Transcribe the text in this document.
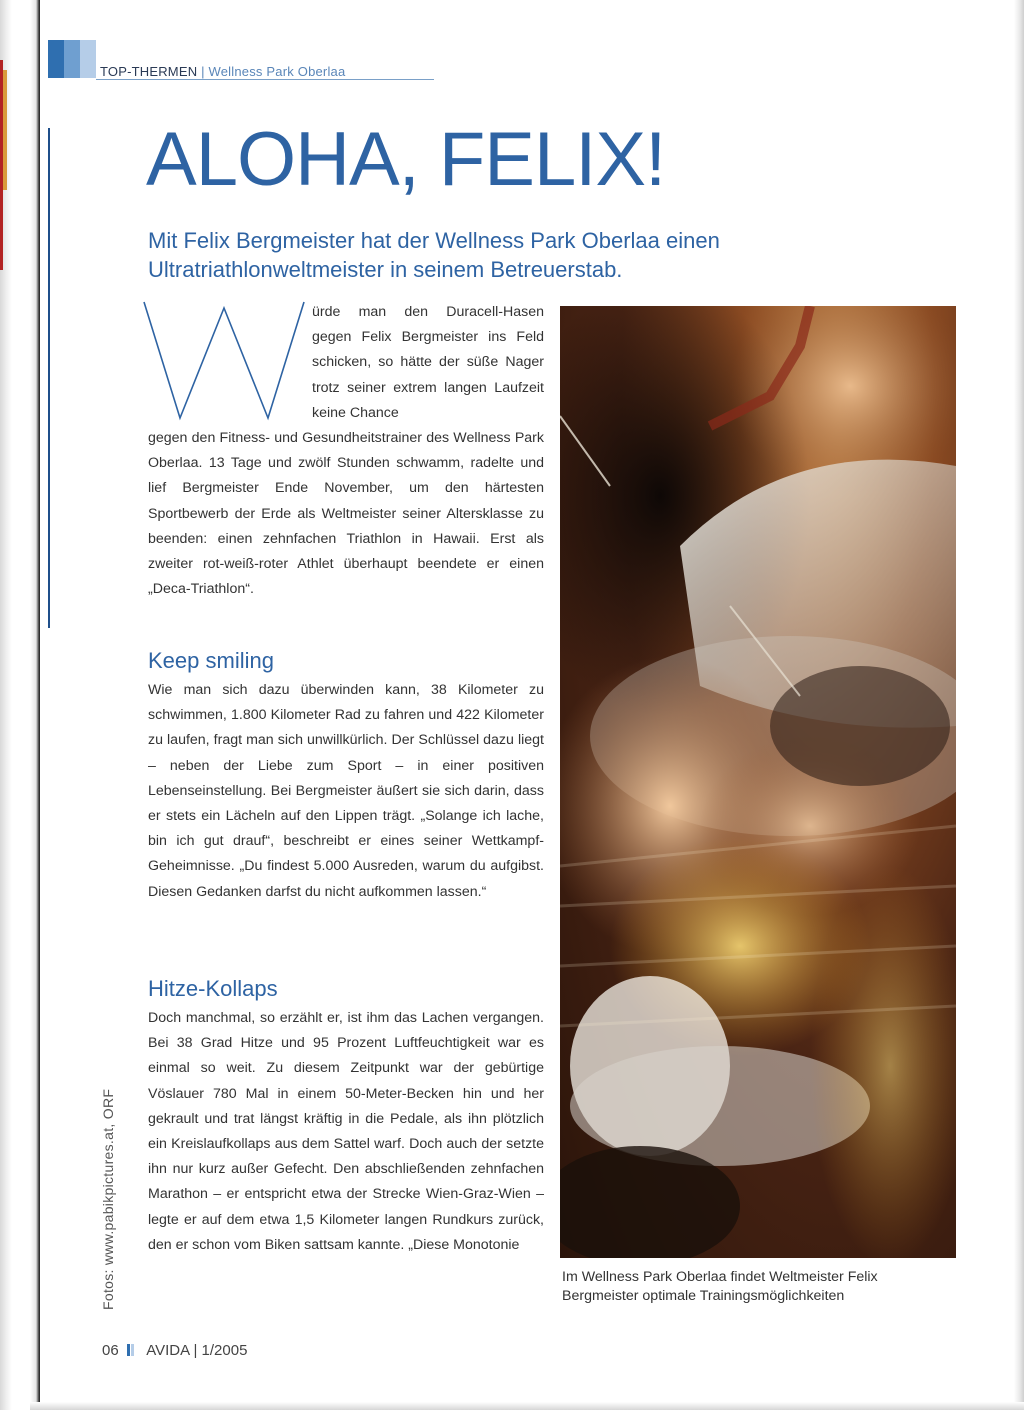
TOP-THERMEN | Wellness Park Oberlaa
ALOHA, FELIX!
Mit Felix Bergmeister hat der Wellness Park Oberlaa einen Ultratriathlonweltmeister in seinem Betreuerstab.
ürde man den Duracell-Hasen gegen Felix Bergmeister ins Feld schicken, so hätte der süße Nager trotz seiner extrem langen Laufzeit keine Chance
gegen den Fitness- und Gesundheitstrainer des Wellness Park Oberlaa. 13 Tage und zwölf Stunden schwamm, radelte und lief Bergmeister Ende November, um den härtesten Sportbewerb der Erde als Weltmeister seiner Altersklasse zu beenden: einen zehnfachen Triathlon in Hawaii. Erst als zweiter rot-weiß-roter Athlet überhaupt beendete er einen „Deca-Triathlon“.
Keep smiling
Wie man sich dazu überwinden kann, 38 Kilometer zu schwimmen, 1.800 Kilometer Rad zu fahren und 422 Kilometer zu laufen, fragt man sich unwillkürlich. Der Schlüssel dazu liegt – neben der Liebe zum Sport – in einer positiven Lebenseinstellung. Bei Bergmeister äußert sie sich darin, dass er stets ein Lächeln auf den Lippen trägt. „Solange ich lache, bin ich gut drauf“, beschreibt er eines seiner Wettkampf-Geheimnisse. „Du findest 5.000 Ausreden, warum du aufgibst. Diesen Gedanken darfst du nicht aufkommen lassen.“
Hitze-Kollaps
Doch manchmal, so erzählt er, ist ihm das Lachen vergangen. Bei 38 Grad Hitze und 95 Prozent Luftfeuchtigkeit war es einmal so weit. Zu diesem Zeitpunkt war der gebürtige Vöslauer 780 Mal in einem 50-Meter-Becken hin und her gekrault und trat längst kräftig in die Pedale, als ihn plötzlich ein Kreislaufkollaps aus dem Sattel warf. Doch auch der setzte ihn nur kurz außer Gefecht. Den abschließenden zehnfachen Marathon – er entspricht etwa der Strecke Wien-Graz-Wien – legte er auf dem etwa 1,5 Kilometer langen Rundkurs zurück, den er schon vom Biken sattsam kannte. „Diese Monotonie

Im Wellness Park Oberlaa findet Weltmeister Felix Bergmeister optimale Trainingsmöglichkeiten

Fotos: www.pabikpictures.at, ORF
06 AVIDA | 1/2005
